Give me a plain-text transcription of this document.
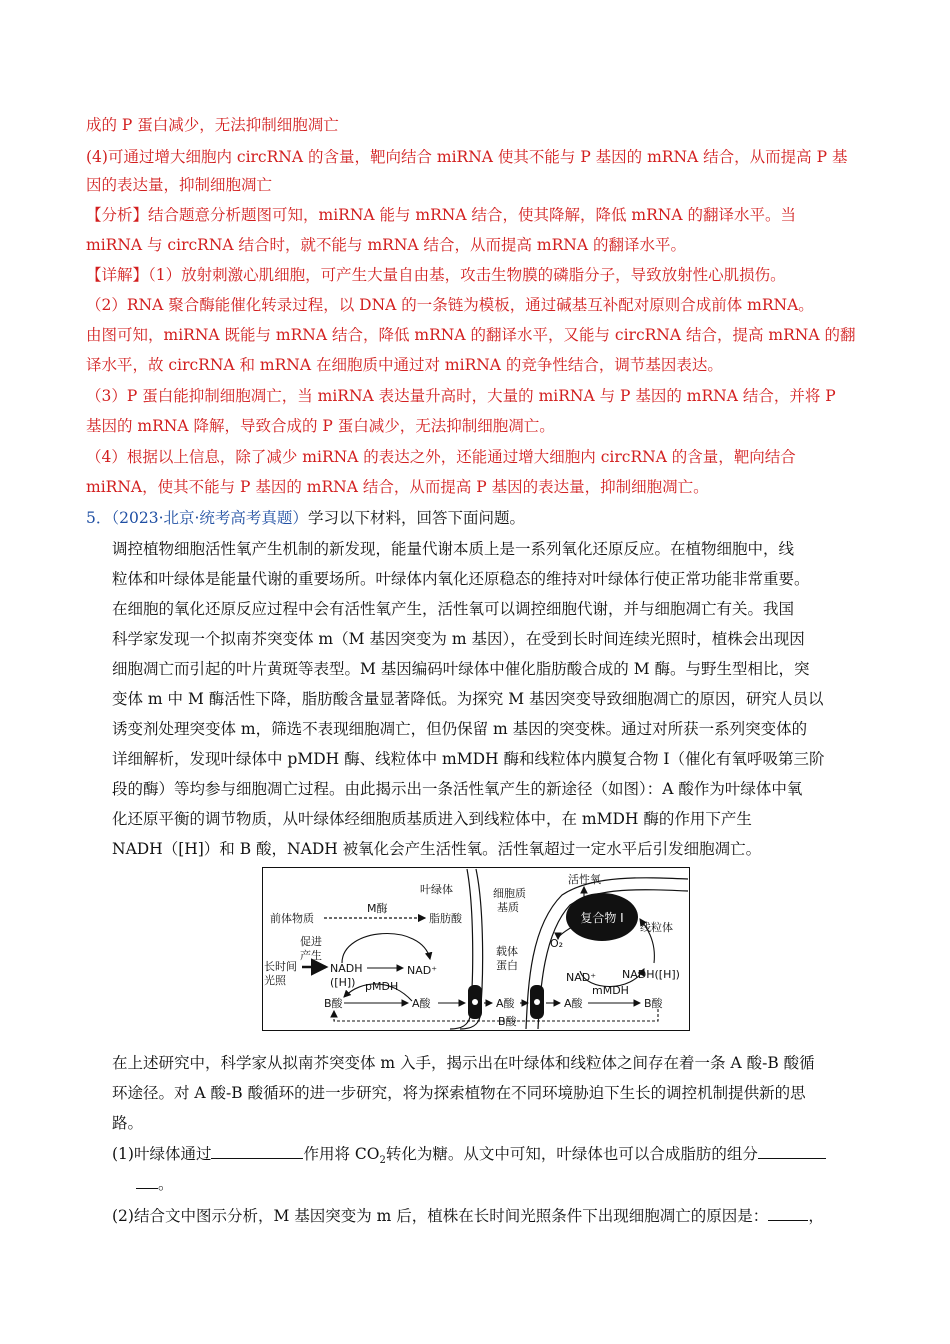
成的 P 蛋白减少，无法抑制细胞凋亡
(4)可通过增大细胞内 circRNA 的含量，靶向结合 miRNA 使其不能与 P 基因的 mRNA 结合，从而提高 P 基
因的表达量，抑制细胞凋亡
【分析】结合题意分析题图可知，miRNA 能与 mRNA 结合，使其降解，降低 mRNA 的翻译水平。当
miRNA 与 circRNA 结合时，就不能与 mRNA 结合，从而提高 mRNA 的翻译水平。
【详解】（1）放射刺激心肌细胞，可产生大量自由基，攻击生物膜的磷脂分子，导致放射性心肌损伤。
（2）RNA 聚合酶能催化转录过程，以 DNA 的一条链为模板，通过碱基互补配对原则合成前体 mRNA。
由图可知，miRNA 既能与 mRNA 结合，降低 mRNA 的翻译水平，又能与 circRNA 结合，提高 mRNA 的翻
译水平，故 circRNA 和 mRNA 在细胞质中通过对 miRNA 的竞争性结合，调节基因表达。
（3）P 蛋白能抑制细胞凋亡，当 miRNA 表达量升高时，大量的 miRNA 与 P 基因的 mRNA 结合，并将 P
基因的 mRNA 降解，导致合成的 P 蛋白减少，无法抑制细胞凋亡。
（4）根据以上信息，除了减少 miRNA 的表达之外，还能通过增大细胞内 circRNA 的含量，靶向结合
miRNA，使其不能与 P 基因的 mRNA 结合，从而提高 P 基因的表达量，抑制细胞凋亡。
5．（2023·北京·统考高考真题）学习以下材料，回答下面问题。
调控植物细胞活性氧产生机制的新发现，能量代谢本质上是一系列氧化还原反应。在植物细胞中，线
粒体和叶绿体是能量代谢的重要场所。叶绿体内氧化还原稳态的维持对叶绿体行使正常功能非常重要。
在细胞的氧化还原反应过程中会有活性氧产生，活性氧可以调控细胞代谢，并与细胞凋亡有关。我国
科学家发现一个拟南芥突变体 m（M 基因突变为 m 基因），在受到长时间连续光照时，植株会出现因
细胞凋亡而引起的叶片黄斑等表型。M 基因编码叶绿体中催化脂肪酸合成的 M 酶。与野生型相比，突
变体 m 中 M 酶活性下降，脂肪酸含量显著降低。为探究 M 基因突变导致细胞凋亡的原因，研究人员以
诱变剂处理突变体 m，筛选不表现细胞凋亡，但仍保留 m 基因的突变株。通过对所获一系列突变体的
详细解析，发现叶绿体中 pMDH 酶、线粒体中 mMDH 酶和线粒体内膜复合物 I（催化有氧呼吸第三阶
段的酶）等均参与细胞凋亡过程。由此揭示出一条活性氧产生的新途径（如图）：A 酸作为叶绿体中氧
化还原平衡的调节物质，从叶绿体经细胞质基质进入到线粒体中，在 mMDH 酶的作用下产生
NADH（[H]）和 B 酸，NADH 被氧化会产生活性氧。活性氧超过一定水平后引发细胞凋亡。
复合物 I
叶绿体
前体物质
M酶
脂肪酸
促进
产生
长时间
光照
NADH
([H])
NAD⁺
pMDH
B酸	A酸
细胞质
基质
载体
蛋白
A酸
B酸
活性氧
线粒体
O₂
NAD⁺ NADH([H])
mMDH
A酸	B酸
在上述研究中，科学家从拟南芥突变体 m 入手，揭示出在叶绿体和线粒体之间存在着一条 A 酸-B 酸循
环途径。对 A 酸-B 酸循环的进一步研究，将为探索植物在不同环境胁迫下生长的调控机制提供新的思
路。
(1)叶绿体通过	作用将 $CO_2$转化为糖。从文中可知，叶绿体也可以合成脂肪的组分
。
(2)结合文中图示分析，M 基因突变为 m 后，植株在长时间光照条件下出现细胞凋亡的原因是：	，
